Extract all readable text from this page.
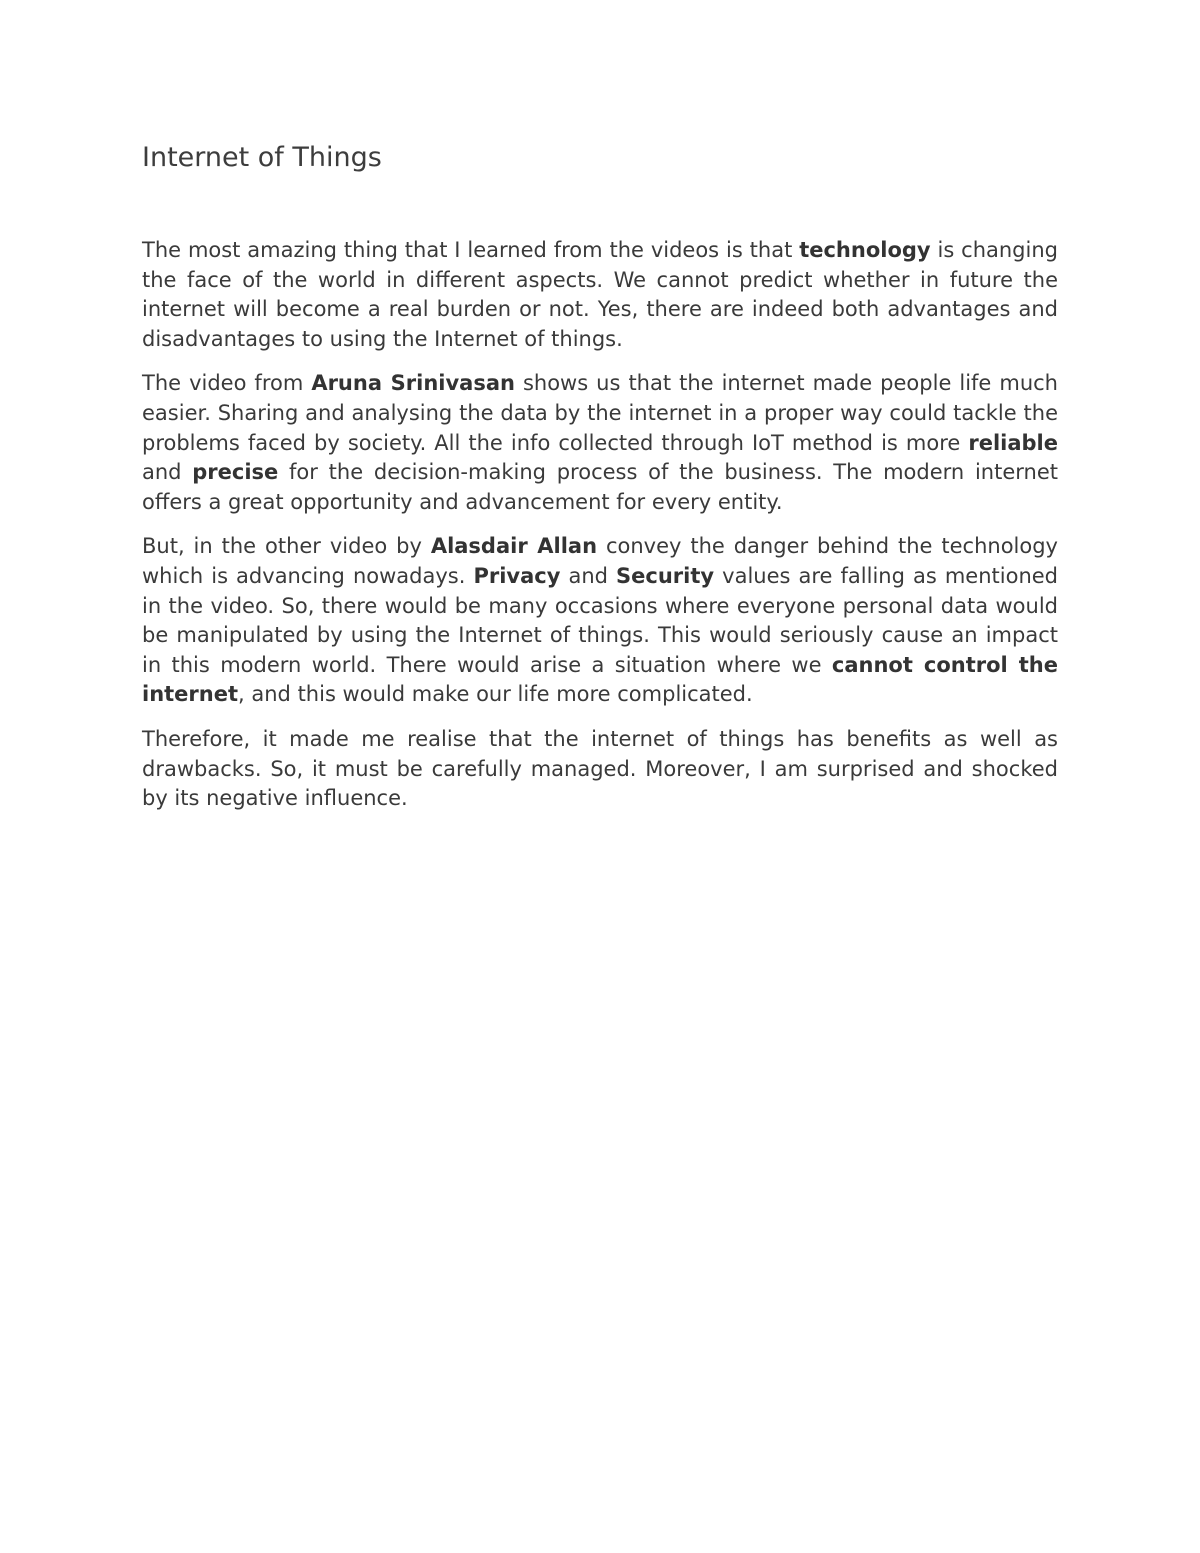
Internet of Things

The most amazing thing that I learned from the videos is that technology is changing the face of the world in different aspects. We cannot predict whether in future the internet will become a real burden or not. Yes, there are indeed both advantages and disadvantages to using the Internet of things.

The video from Aruna Srinivasan shows us that the internet made people life much easier. Sharing and analysing the data by the internet in a proper way could tackle the problems faced by society. All the info collected through IoT method is more reliable and precise for the decision-making process of the business. The modern internet offers a great opportunity and advancement for every entity.

But, in the other video by Alasdair Allan convey the danger behind the technology which is advancing nowadays. Privacy and Security values are falling as mentioned in the video. So, there would be many occasions where everyone personal data would be manipulated by using the Internet of things. This would seriously cause an impact in this modern world. There would arise a situation where we cannot control the internet, and this would make our life more complicated.

Therefore, it made me realise that the internet of things has benefits as well as drawbacks. So, it must be carefully managed. Moreover, I am surprised and shocked by its negative influence.
